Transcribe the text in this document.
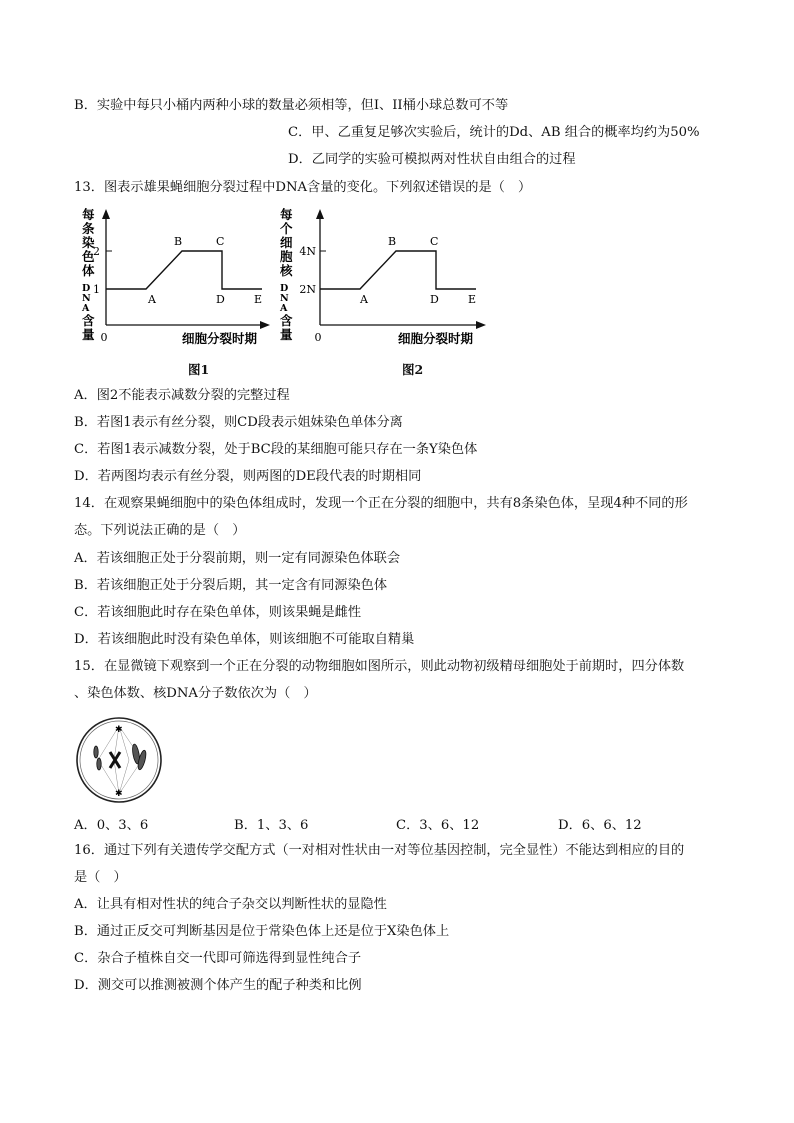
B．实验中每只小桶内两种小球的数量必须相等，但I、II桶小球总数可不等
C．甲、乙重复足够次实验后，统计的Dd、AB 组合的概率均约为50%
D．乙同学的实验可模拟两对性状自由组合的过程
13．图表示雄果蝇细胞分裂过程中DNA含量的变化。下列叙述错误的是（　）
每
条
染
色
体
D
N
A
含
量 0
1
2
A
B	C
D	E
细胞分裂时期
图1
每
个
细
胞
核
D
N
A
含
量 0
2N
4N
A
B	C
D	E
细胞分裂时期
图2
A．图2不能表示减数分裂的完整过程
B．若图1表示有丝分裂，则CD段表示姐妹染色单体分离
C．若图1表示减数分裂，处于BC段的某细胞可能只存在一条Y染色体
D．若两图均表示有丝分裂，则两图的DE段代表的时期相同
14．在观察果蝇细胞中的染色体组成时，发现一个正在分裂的细胞中，共有8条染色体，呈现4种不同的形
态。下列说法正确的是（　）
A．若该细胞正处于分裂前期，则一定有同源染色体联会
B．若该细胞正处于分裂后期，其一定含有同源染色体
C．若该细胞此时存在染色单体，则该果蝇是雌性
D．若该细胞此时没有染色单体，则该细胞不可能取自精巢
15．在显微镜下观察到一个正在分裂的动物细胞如图所示，则此动物初级精母细胞处于前期时，四分体数
、染色体数、核DNA分子数依次为（　）
✱
✱
A．0、3、6	B．1、3、6	C．3、6、12	D．6、6、12
16．通过下列有关遗传学交配方式（一对相对性状由一对等位基因控制，完全显性）不能达到相应的目的
是（　）
A．让具有相对性状的纯合子杂交以判断性状的显隐性
B．通过正反交可判断基因是位于常染色体上还是位于X染色体上
C．杂合子植株自交一代即可筛选得到显性纯合子
D．测交可以推测被测个体产生的配子种类和比例
